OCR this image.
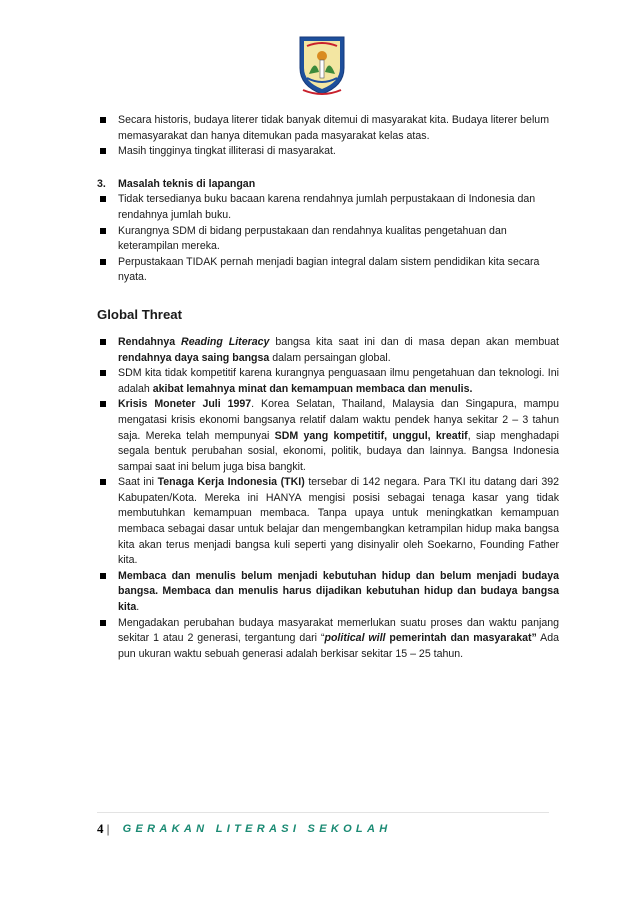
Secara historis, budaya literer tidak banyak ditemui di masyarakat kita. Budaya literer belum memasyarakat dan hanya ditemukan pada masyarakat kelas atas.
Masih tingginya tingkat illiterasi di masyarakat.
3. Masalah teknis di lapangan
Tidak tersedianya buku bacaan karena rendahnya jumlah perpustakaan di Indonesia dan rendahnya jumlah buku.
Kurangnya SDM di bidang perpustakaan dan rendahnya kualitas pengetahuan dan keterampilan mereka.
Perpustakaan TIDAK pernah menjadi bagian integral dalam sistem pendidikan kita secara nyata.
Global Threat
Rendahnya Reading Literacy bangsa kita saat ini dan di masa depan akan membuat rendahnya daya saing bangsa dalam persaingan global.
SDM kita tidak kompetitif karena kurangnya penguasaan ilmu pengetahuan dan teknologi. Ini adalah akibat lemahnya minat dan kemampuan membaca dan menulis.
Krisis Moneter Juli 1997. Korea Selatan, Thailand, Malaysia dan Singapura, mampu mengatasi krisis ekonomi bangsanya relatif dalam waktu pendek hanya sekitar 2 – 3 tahun saja. Mereka telah mempunyai SDM yang kompetitif, unggul, kreatif, siap menghadapi segala bentuk perubahan sosial, ekonomi, politik, budaya dan lainnya. Bangsa Indonesia sampai saat ini belum juga bisa bangkit.
Saat ini Tenaga Kerja Indonesia (TKI) tersebar di 142 negara. Para TKI itu datang dari 392 Kabupaten/Kota. Mereka ini HANYA mengisi posisi sebagai tenaga kasar yang tidak membutuhkan kemampuan membaca. Tanpa upaya untuk meningkatkan kemampuan membaca sebagai dasar untuk belajar dan mengembangkan ketrampilan hidup maka bangsa kita akan terus menjadi bangsa kuli seperti yang disinyalir oleh Soekarno, Founding Father kita.
Membaca dan menulis belum menjadi kebutuhan hidup dan belum menjadi budaya bangsa. Membaca dan menulis harus dijadikan kebutuhan hidup dan budaya bangsa kita.
Mengadakan perubahan budaya masyarakat memerlukan suatu proses dan waktu panjang sekitar 1 atau 2 generasi, tergantung dari “political will pemerintah dan masyarakat” Ada pun ukuran waktu sebuah generasi adalah berkisar sekitar 15 – 25 tahun.
4 | GERAKAN LITERASI SEKOLAH
